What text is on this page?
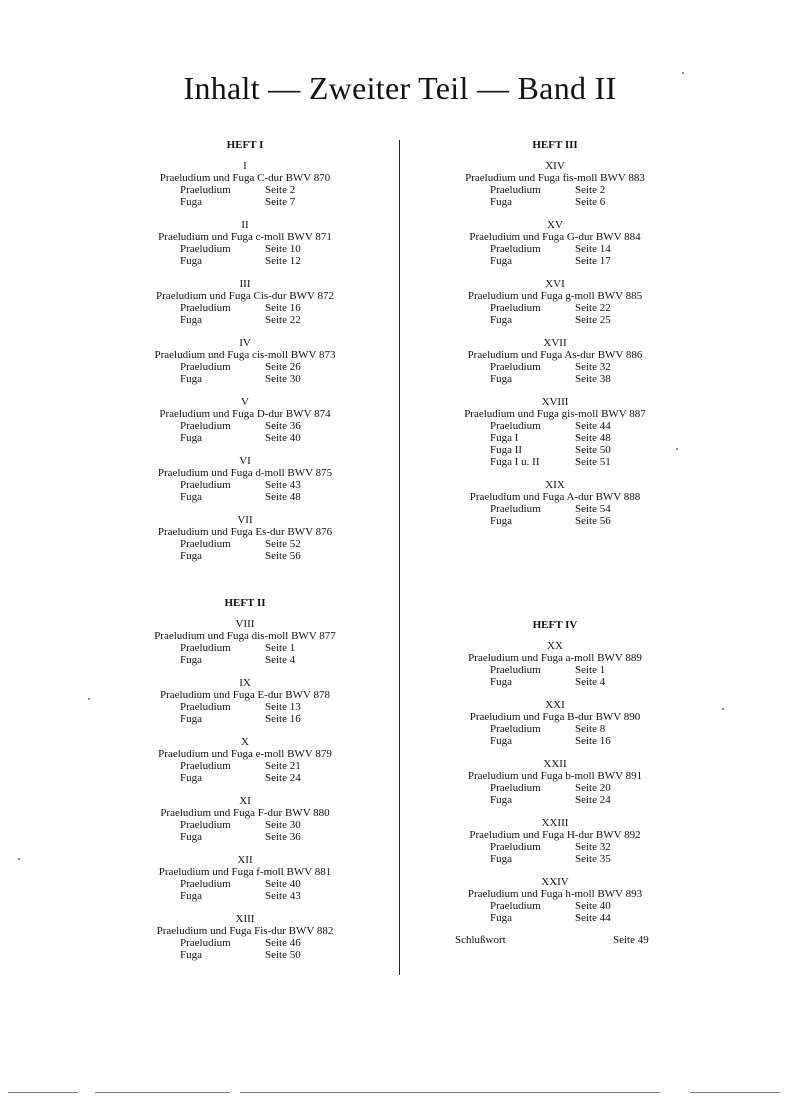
Inhalt — Zweiter Teil — Band II
HEFT I
I
Praeludium und Fuga C-dur BWV 870
Praeludium	Seite 2
Fuga	Seite 7
II
Praeludium und Fuga c-moll BWV 871
Praeludium	Seite 10
Fuga	Seite 12
III
Praeludium und Fuga Cis-dur BWV 872
Praeludium	Seite 16
Fuga	Seite 22
IV
Praeludium und Fuga cis-moll BWV 873
Praeludium	Seite 26
Fuga	Seite 30
V
Praeludium und Fuga D-dur BWV 874
Praeludium	Seite 36
Fuga	Seite 40
VI
Praeludium und Fuga d-moll BWV 875
Praeludium	Seite 43
Fuga	Seite 48
VII
Praeludium und Fuga Es-dur BWV 876
Praeludium	Seite 52
Fuga	Seite 56
HEFT II
VIII
Praeludium und Fuga dis-moll BWV 877
Praeludium	Seite 1
Fuga	Seite 4
IX
Praeludium und Fuga E-dur BWV 878
Praeludium	Seite 13
Fuga	Seite 16
X
Praeludium und Fuga e-moll BWV 879
Praeludium	Seite 21
Fuga	Seite 24
XI
Praeludium und Fuga F-dur BWV 880
Praeludium	Seite 30
Fuga	Seite 36
XII
Praeludium und Fuga f-moll BWV 881
Praeludium	Seite 40
Fuga	Seite 43
XIII
Praeludium und Fuga Fis-dur BWV 882
Praeludium	Seite 46
Fuga	Seite 50
HEFT III
XIV
Praeludium und Fuga fis-moll BWV 883
Praeludium	Seite 2
Fuga	Seite 6
XV
Praeludium und Fuga G-dur BWV 884
Praeludium	Seite 14
Fuga	Seite 17
XVI
Praeludium und Fuga g-moll BWV 885
Praeludium	Seite 22
Fuga	Seite 25
XVII
Praeludium und Fuga As-dur BWV 886
Praeludium	Seite 32
Fuga	Seite 38
XVIII
Praeludium und Fuga gis-moll BWV 887
Praeludium	Seite 44
Fuga I	Seite 48
Fuga II	Seite 50
Fuga I u. II	Seite 51
XIX
Praeludium und Fuga A-dur BWV 888
Praeludium	Seite 54
Fuga	Seite 56
HEFT IV
XX
Praeludium und Fuga a-moll BWV 889
Praeludium	Seite 1
Fuga	Seite 4
XXI
Praeludium und Fuga B-dur BWV 890
Praeludium	Seite 8
Fuga	Seite 16
XXII
Praeludium und Fuga b-moll BWV 891
Praeludium	Seite 20
Fuga	Seite 24
XXIII
Praeludium und Fuga H-dur BWV 892
Praeludium	Seite 32
Fuga	Seite 35
XXIV
Praeludium und Fuga h-moll BWV 893
Praeludium	Seite 40
Fuga	Seite 44
Schlußwort	Seite 49
